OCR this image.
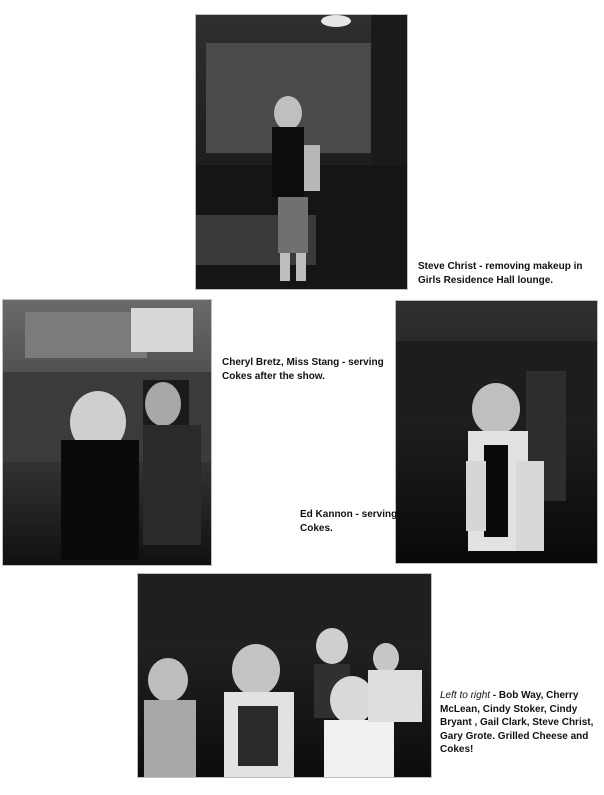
Steve Christ - removing makeup in Girls Residence Hall lounge.
Cheryl Bretz, Miss Stang - serving Cokes after the show.
Ed Kannon - serving Cokes.
Left to right - Bob Way, Cherry McLean, Cindy Stoker, Cindy Bryant , Gail Clark, Steve Christ, Gary Grote. Grilled Cheese and Cokes!
